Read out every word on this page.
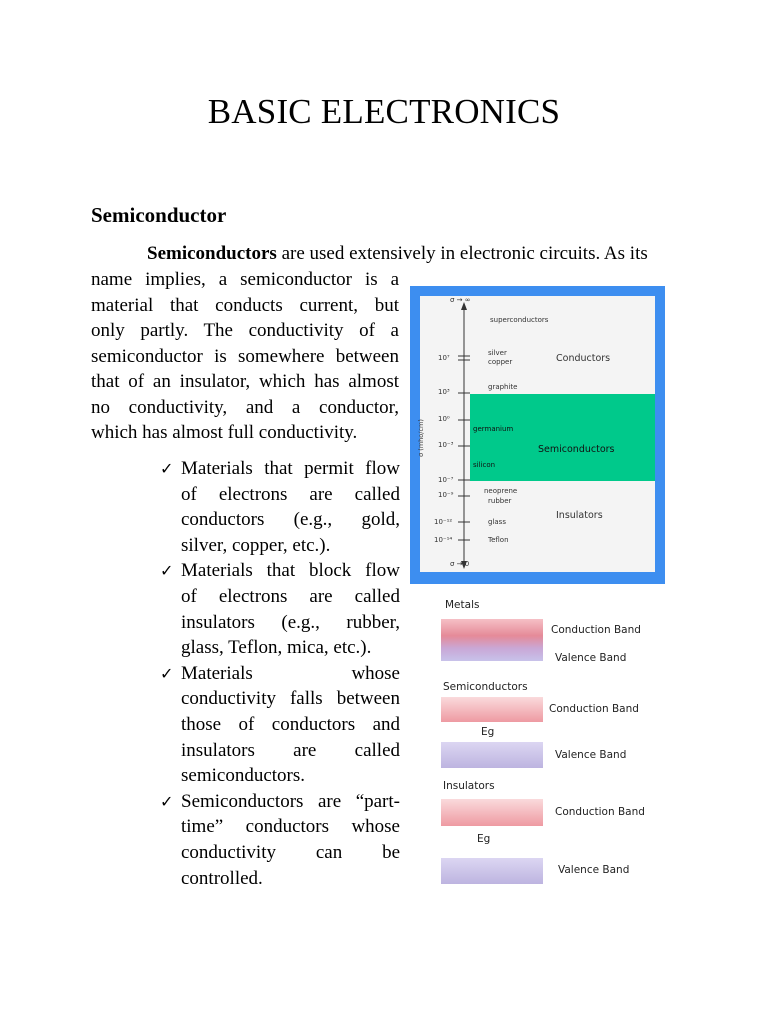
BASIC ELECTRONICS
Semiconductor

Semiconductors are used extensively in electronic circuits. As its

name implies, a semiconductor is a
material that conducts current, but
only partly. The conductivity of a
semiconductor is somewhere between
that of an insulator, which has almost
no conductivity, and a conductor,
which has almost full conductivity.
✓ Materials that permit flow
of electrons are called
conductors (e.g., gold,
silver, copper, etc.).
✓ Materials that block flow
of electrons are called
insulators (e.g., rubber,
glass, Teflon, mica, etc.).
✓ Materials whose
conductivity falls between
those of conductors and
insulators are called
semiconductors.
✓ Semiconductors are “part-
time” conductors whose
conductivity can be
controlled.
σ → ∞
σ → 0
σ (mho/cm)
10⁷
10³
10⁰
10⁻³
10⁻⁷
10⁻⁹
10⁻¹²
10⁻¹⁴
superconductors
silver
copper
graphite
germanium
silicon
neoprene
rubber
glass
Teflon
Conductors
Semiconductors
Insulators
Metals
Conduction Band
Valence Band
Semiconductors
Eg
Conduction Band
Valence Band
Insulators
Eg
Conduction Band
Valence Band
